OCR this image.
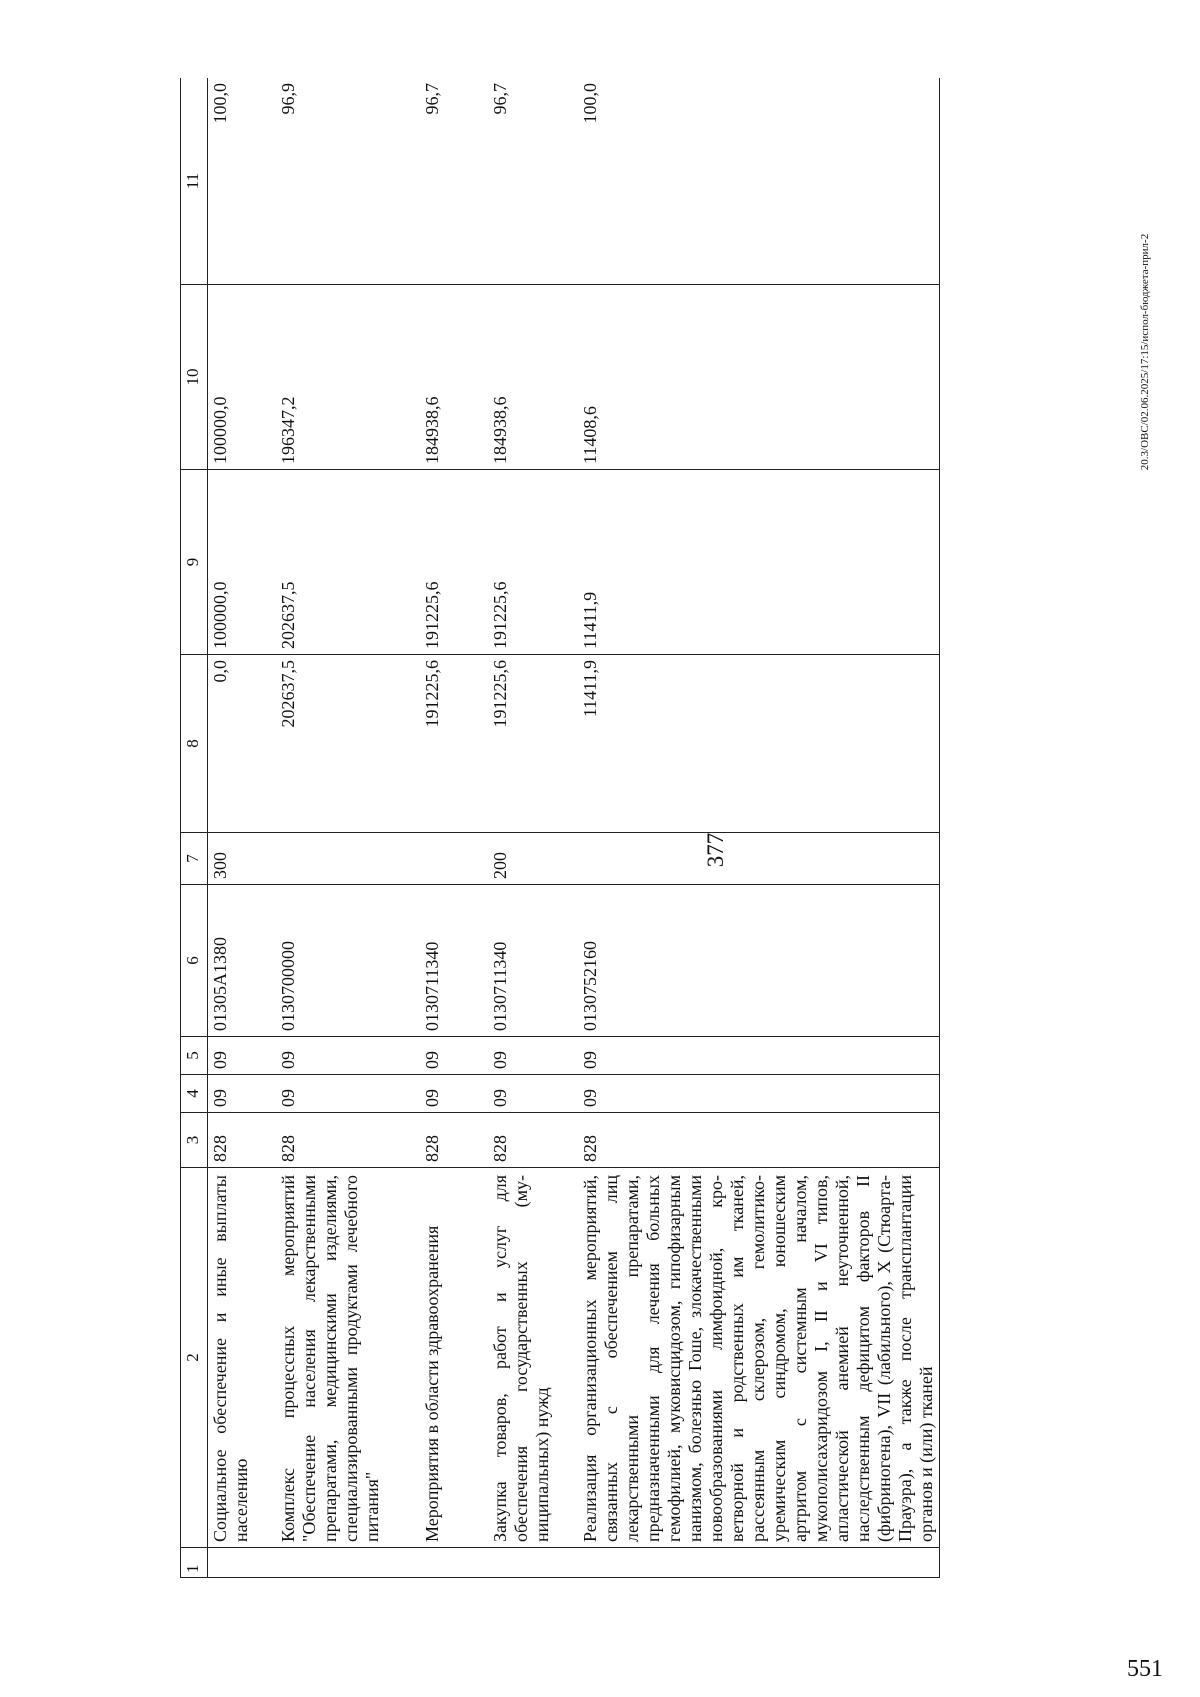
377
551
20.3/ОВС/02.06.2025/17:15/испол-бюджета-прил-2
1	2	3	4	5	6	7	8	9	10	11
	Социальное обеспечение и иные выплаты населению	828	09	09	01305А1380	300	0,0	100000,0	100000,0	100,0
	Комплекс процессных мероприятий "Обеспечение населения лекарственными препаратами, медицинскими изделиями, специализированными продуктами лечебного питания"	828	09	09	0130700000		202637,5	202637,5	196347,2	96,9
	Мероприятия в области здравоохранения	828	09	09	0130711340		191225,6	191225,6	184938,6	96,7
	Закупка товаров, работ и услуг для обеспечения государственных (муниципальных) нужд	828	09	09	0130711340	200	191225,6	191225,6	184938,6	96,7
	Реализация организационных мероприятий, связанных с обеспечением лиц лекарственными препаратами, предназначенными для лечения больных гемофилией, муковисцидозом, гипофизарным нанизмом, болезнью Гоше, злокачественными новообразованиями лимфоидной, кроветворной и родственных им тканей, рассеянным склерозом, гемолитико-уремическим синдромом, юношеским артритом с системным началом, мукополисахаридозом I, II и VI типов, апластической анемией неуточненной, наследственным дефицитом факторов II (фибриногена), VII (лабильного), X (Стюарта-Прауэра), а также после трансплантации органов и (или) тканей	828	09	09	0130752160		11411,9	11411,9	11408,6	100,0
